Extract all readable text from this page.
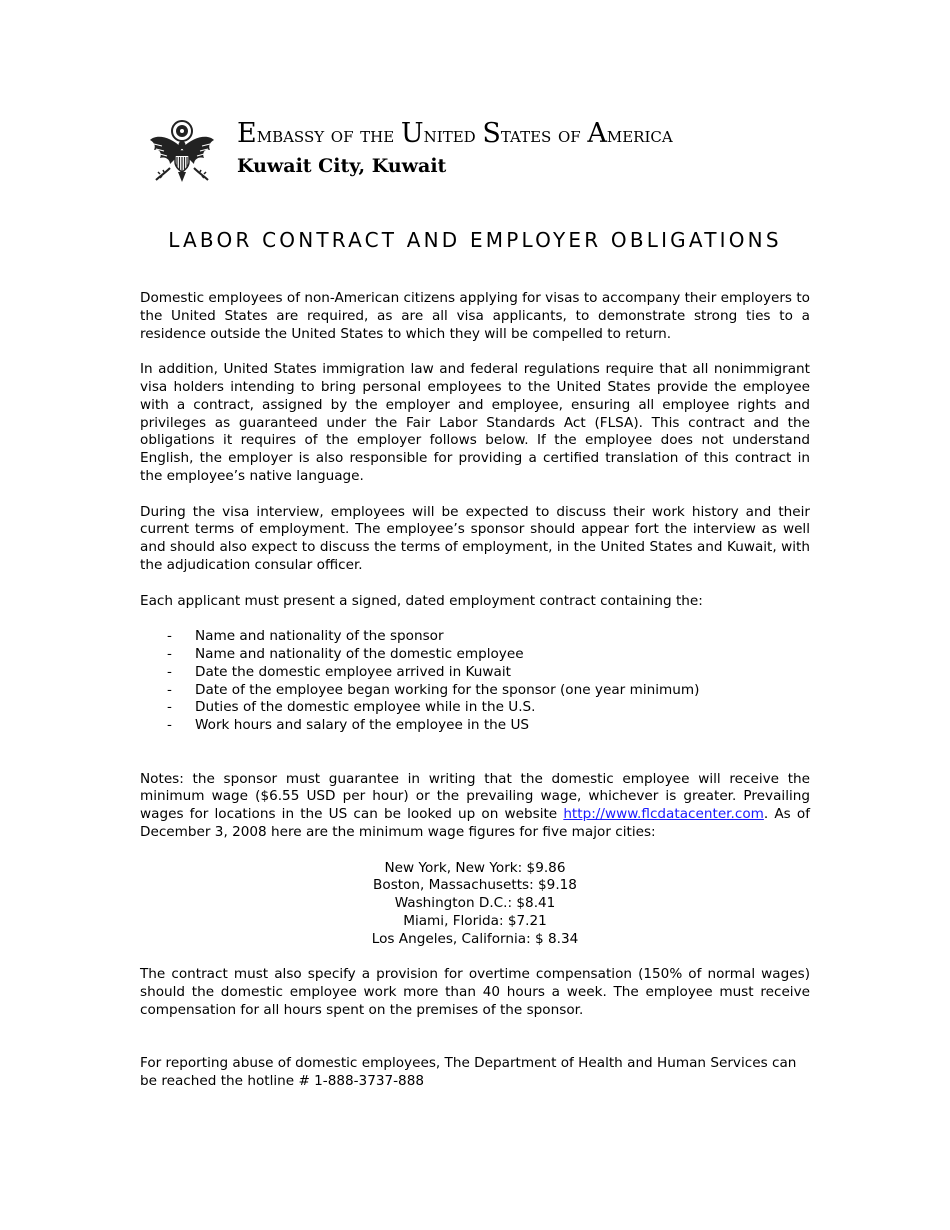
Embassy of the United States of America
Kuwait City, Kuwait
LABOR CONTRACT AND EMPLOYER OBLIGATIONS

Domestic employees of non-American citizens applying for visas to accompany their employers to the United States are required, as are all visa applicants, to demonstrate strong ties to a residence outside the United States to which they will be compelled to return.

In addition, United States immigration law and federal regulations require that all nonimmigrant visa holders intending to bring personal employees to the United States provide the employee with a contract, assigned by the employer and employee, ensuring all employee rights and privileges as guaranteed under the Fair Labor Standards Act (FLSA). This contract and the obligations it requires of the employer follows below. If the employee does not understand English, the employer is also responsible for providing a certified translation of this contract in the employee’s native language.

During the visa interview, employees will be expected to discuss their work history and their current terms of employment. The employee’s sponsor should appear fort the interview as well and should also expect to discuss the terms of employment, in the United States and Kuwait, with the adjudication consular officer.

Each applicant must present a signed, dated employment contract containing the:

- Name and nationality of the sponsor
- Name and nationality of the domestic employee
- Date the domestic employee arrived in Kuwait
- Date of the employee began working for the sponsor (one year minimum)
- Duties of the domestic employee while in the U.S.
- Work hours and salary of the employee in the US

Notes: the sponsor must guarantee in writing that the domestic employee will receive the minimum wage ($6.55 USD per hour) or the prevailing wage, whichever is greater. Prevailing wages for locations in the US can be looked up on website http://www.flcdatacenter.com. As of December 3, 2008 here are the minimum wage figures for five major cities:

New York, New York: $9.86
Boston, Massachusetts: $9.18
Washington D.C.: $8.41
Miami, Florida: $7.21
Los Angeles, California: $ 8.34

The contract must also specify a provision for overtime compensation (150% of normal wages) should the domestic employee work more than 40 hours a week. The employee must receive compensation for all hours spent on the premises of the sponsor.

For reporting abuse of domestic employees, The Department of Health and Human Services can be reached the hotline # 1-888-3737-888
